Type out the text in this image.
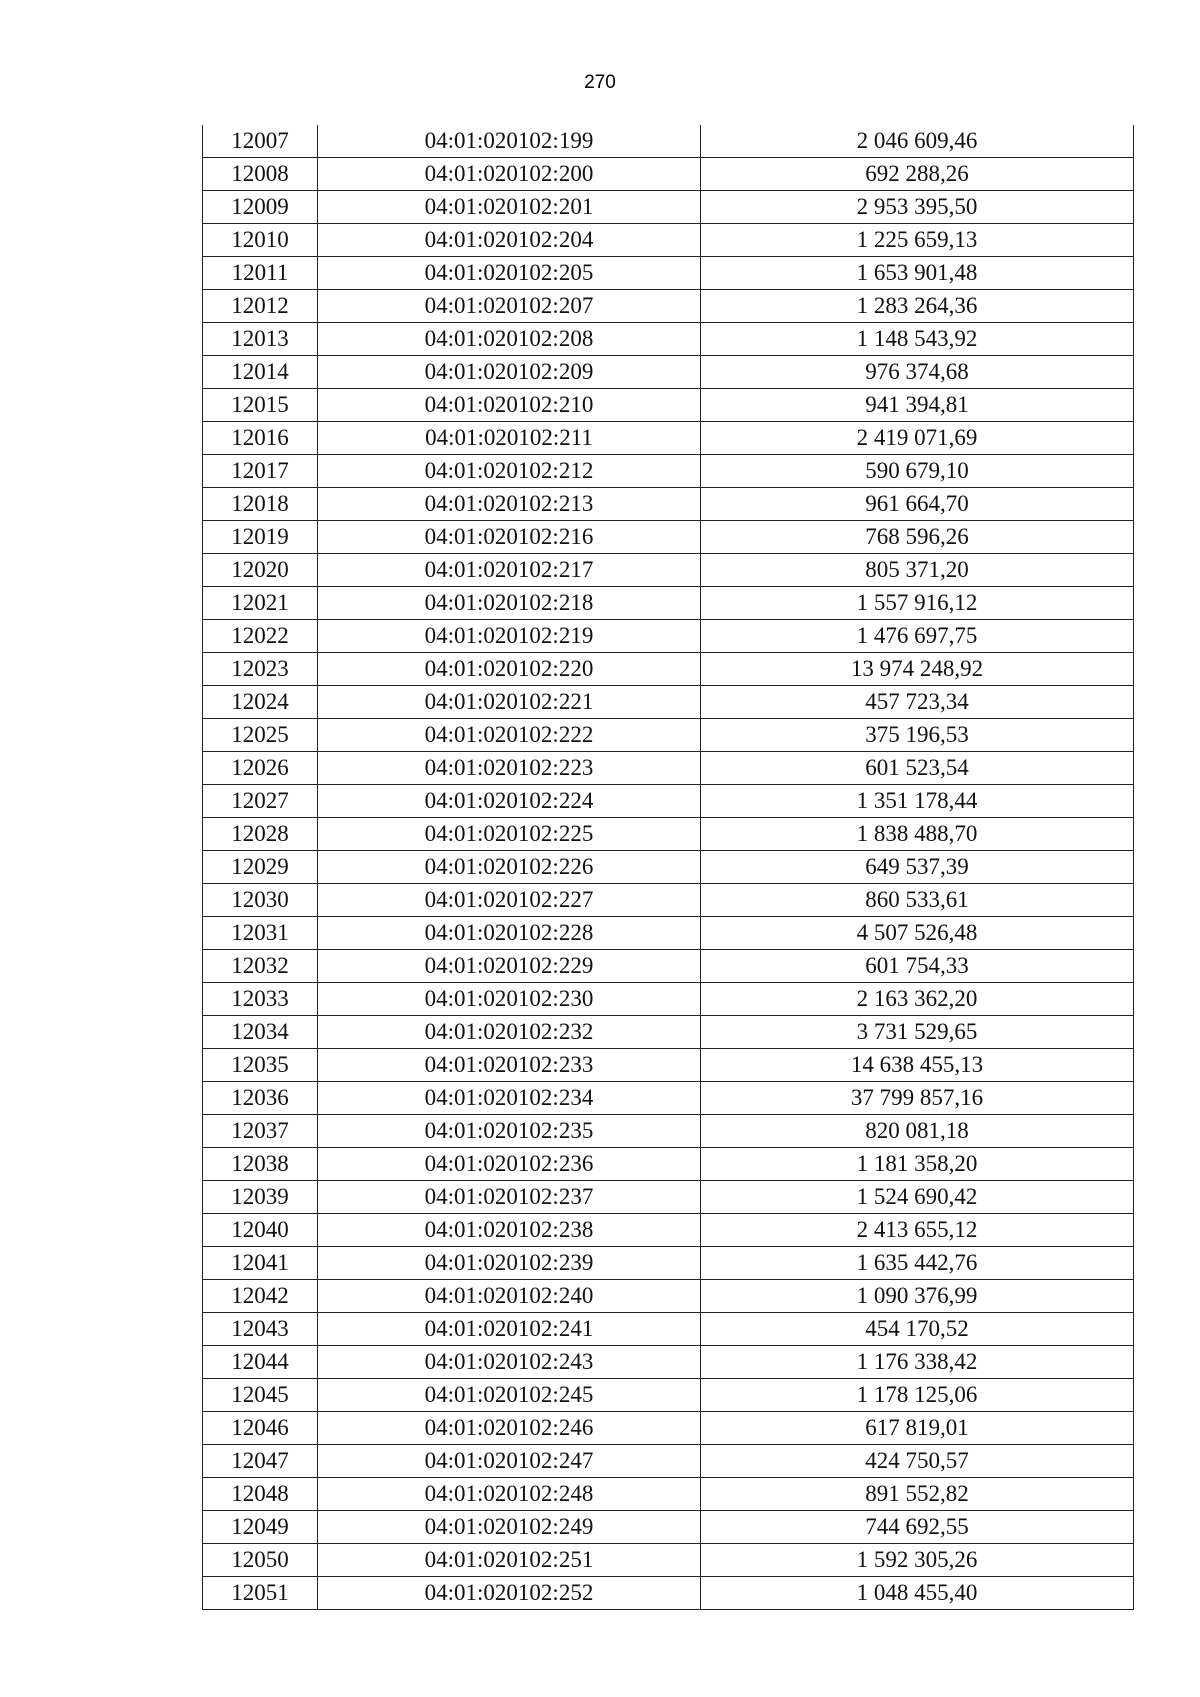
270
12007	04:01:020102:199	2 046 609,46
12008	04:01:020102:200	692 288,26
12009	04:01:020102:201	2 953 395,50
12010	04:01:020102:204	1 225 659,13
12011	04:01:020102:205	1 653 901,48
12012	04:01:020102:207	1 283 264,36
12013	04:01:020102:208	1 148 543,92
12014	04:01:020102:209	976 374,68
12015	04:01:020102:210	941 394,81
12016	04:01:020102:211	2 419 071,69
12017	04:01:020102:212	590 679,10
12018	04:01:020102:213	961 664,70
12019	04:01:020102:216	768 596,26
12020	04:01:020102:217	805 371,20
12021	04:01:020102:218	1 557 916,12
12022	04:01:020102:219	1 476 697,75
12023	04:01:020102:220	13 974 248,92
12024	04:01:020102:221	457 723,34
12025	04:01:020102:222	375 196,53
12026	04:01:020102:223	601 523,54
12027	04:01:020102:224	1 351 178,44
12028	04:01:020102:225	1 838 488,70
12029	04:01:020102:226	649 537,39
12030	04:01:020102:227	860 533,61
12031	04:01:020102:228	4 507 526,48
12032	04:01:020102:229	601 754,33
12033	04:01:020102:230	2 163 362,20
12034	04:01:020102:232	3 731 529,65
12035	04:01:020102:233	14 638 455,13
12036	04:01:020102:234	37 799 857,16
12037	04:01:020102:235	820 081,18
12038	04:01:020102:236	1 181 358,20
12039	04:01:020102:237	1 524 690,42
12040	04:01:020102:238	2 413 655,12
12041	04:01:020102:239	1 635 442,76
12042	04:01:020102:240	1 090 376,99
12043	04:01:020102:241	454 170,52
12044	04:01:020102:243	1 176 338,42
12045	04:01:020102:245	1 178 125,06
12046	04:01:020102:246	617 819,01
12047	04:01:020102:247	424 750,57
12048	04:01:020102:248	891 552,82
12049	04:01:020102:249	744 692,55
12050	04:01:020102:251	1 592 305,26
12051	04:01:020102:252	1 048 455,40
